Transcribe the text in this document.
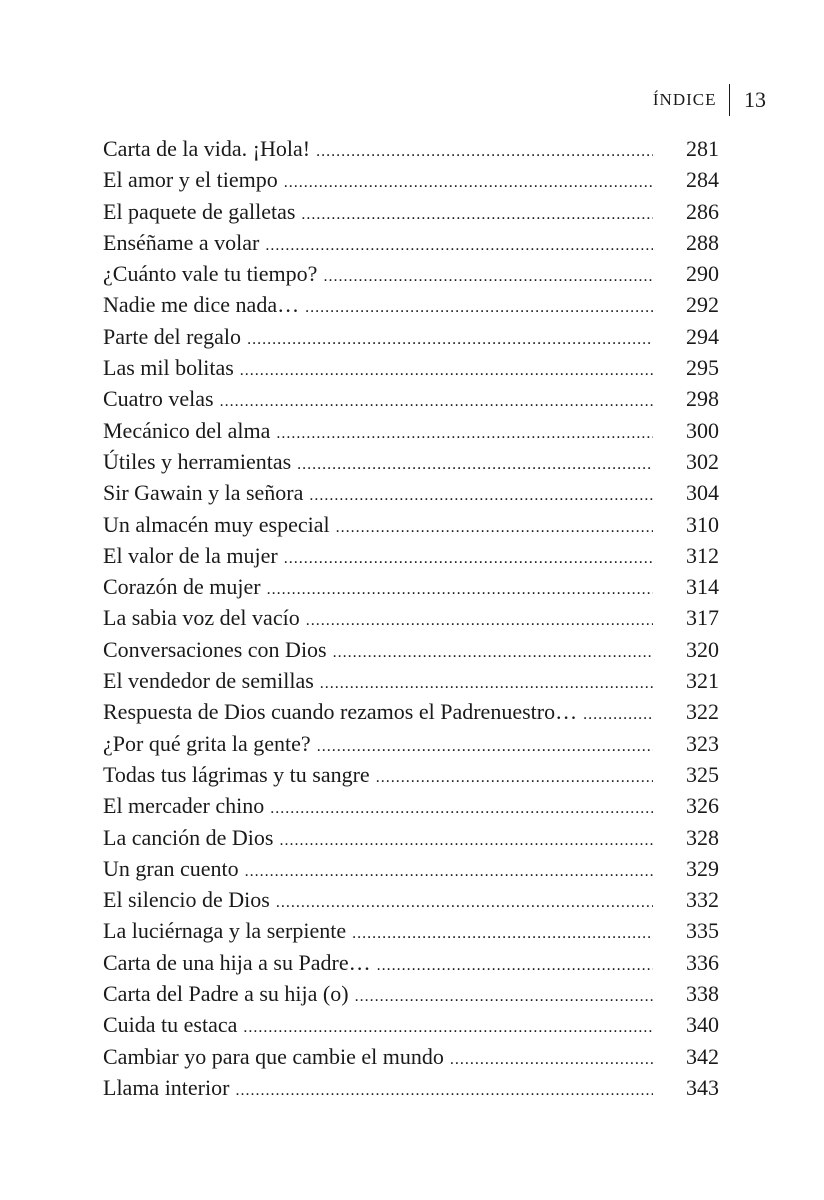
ÍNDICE	13
Carta de la vida. ¡Hola! .....	281
El amor y el tiempo .....	284
El paquete de galletas .....	286
Enséñame a volar .....	288
¿Cuánto vale tu tiempo? .....	290
Nadie me dice nada… .....	292
Parte del regalo .....	294
Las mil bolitas .....	295
Cuatro velas .....	298
Mecánico del alma .....	300
Útiles y herramientas .....	302
Sir Gawain y la señora .....	304
Un almacén muy especial .....	310
El valor de la mujer .....	312
Corazón de mujer .....	314
La sabia voz del vacío .....	317
Conversaciones con Dios .....	320
El vendedor de semillas .....	321
Respuesta de Dios cuando rezamos el Padrenuestro… .....	322
¿Por qué grita la gente? .....	323
Todas tus lágrimas y tu sangre .....	325
El mercader chino .....	326
La canción de Dios .....	328
Un gran cuento .....	329
El silencio de Dios .....	332
La luciérnaga y la serpiente .....	335
Carta de una hija a su Padre… .....	336
Carta del Padre a su hija (o) .....	338
Cuida tu estaca .....	340
Cambiar yo para que cambie el mundo .....	342
Llama interior .....	343
